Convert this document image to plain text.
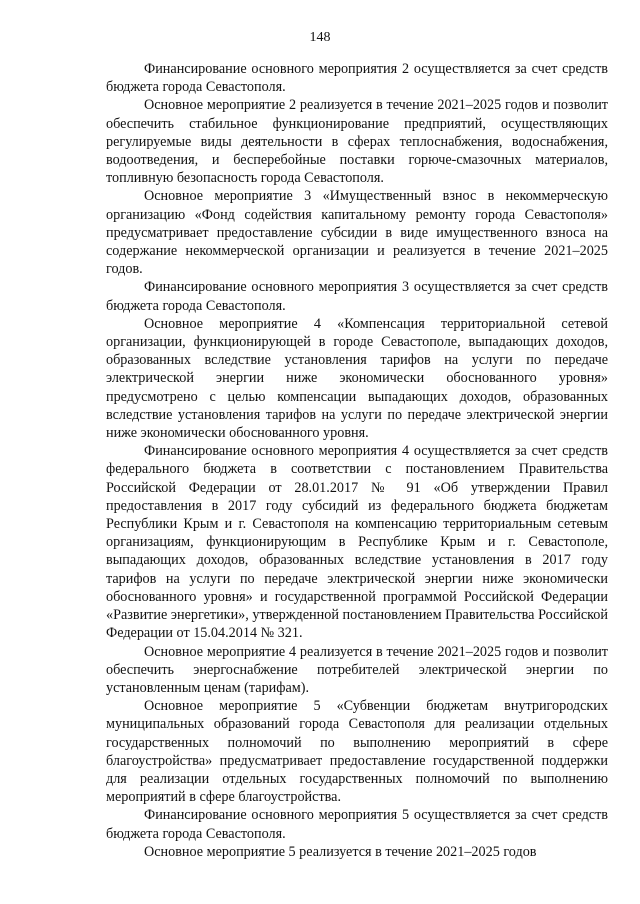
148

Финансирование основного мероприятия 2 осуществляется за счет средств бюджета города Севастополя.

Основное мероприятие 2 реализуется в течение 2021–2025 годов и позволит обеспечить стабильное функционирование предприятий, осуществляющих регулируемые виды деятельности в сферах теплоснабжения, водоснабжения, водоотведения, и бесперебойные поставки горюче-смазочных материалов, топливную безопасность города Севастополя.

Основное мероприятие 3 «Имущественный взнос в некоммерческую организацию «Фонд содействия капитальному ремонту города Севастополя» предусматривает предоставление субсидии в виде имущественного взноса на содержание некоммерческой организации и реализуется в течение 2021–2025 годов.

Финансирование основного мероприятия 3 осуществляется за счет средств бюджета города Севастополя.

Основное мероприятие 4 «Компенсация территориальной сетевой организации, функционирующей в городе Севастополе, выпадающих доходов, образованных вследствие установления тарифов на услуги по передаче электрической энергии ниже экономически обоснованного уровня» предусмотрено с целью компенсации выпадающих доходов, образованных вследствие установления тарифов на услуги по передаче электрической энергии ниже экономически обоснованного уровня.

Финансирование основного мероприятия 4 осуществляется за счет средств федерального бюджета в соответствии с постановлением Правительства Российской Федерации от 28.01.2017 № 91 «Об утверждении Правил предоставления в 2017 году субсидий из федерального бюджета бюджетам Республики Крым и г. Севастополя на компенсацию территориальным сетевым организациям, функционирующим в Республике Крым и г. Севастополе, выпадающих доходов, образованных вследствие установления в 2017 году тарифов на услуги по передаче электрической энергии ниже экономически обоснованного уровня» и государственной программой Российской Федерации «Развитие энергетики», утвержденной постановлением Правительства Российской Федерации от 15.04.2014 № 321.

Основное мероприятие 4 реализуется в течение 2021–2025 годов и позволит обеспечить энергоснабжение потребителей электрической энергии по установленным ценам (тарифам).

Основное мероприятие 5 «Субвенции бюджетам внутригородских муниципальных образований города Севастополя для реализации отдельных государственных полномочий по выполнению мероприятий в сфере благоустройства» предусматривает предоставление государственной поддержки для реализации отдельных государственных полномочий по выполнению мероприятий в сфере благоустройства.

Финансирование основного мероприятия 5 осуществляется за счет средств бюджета города Севастополя.

Основное мероприятие 5 реализуется в течение 2021–2025 годов
